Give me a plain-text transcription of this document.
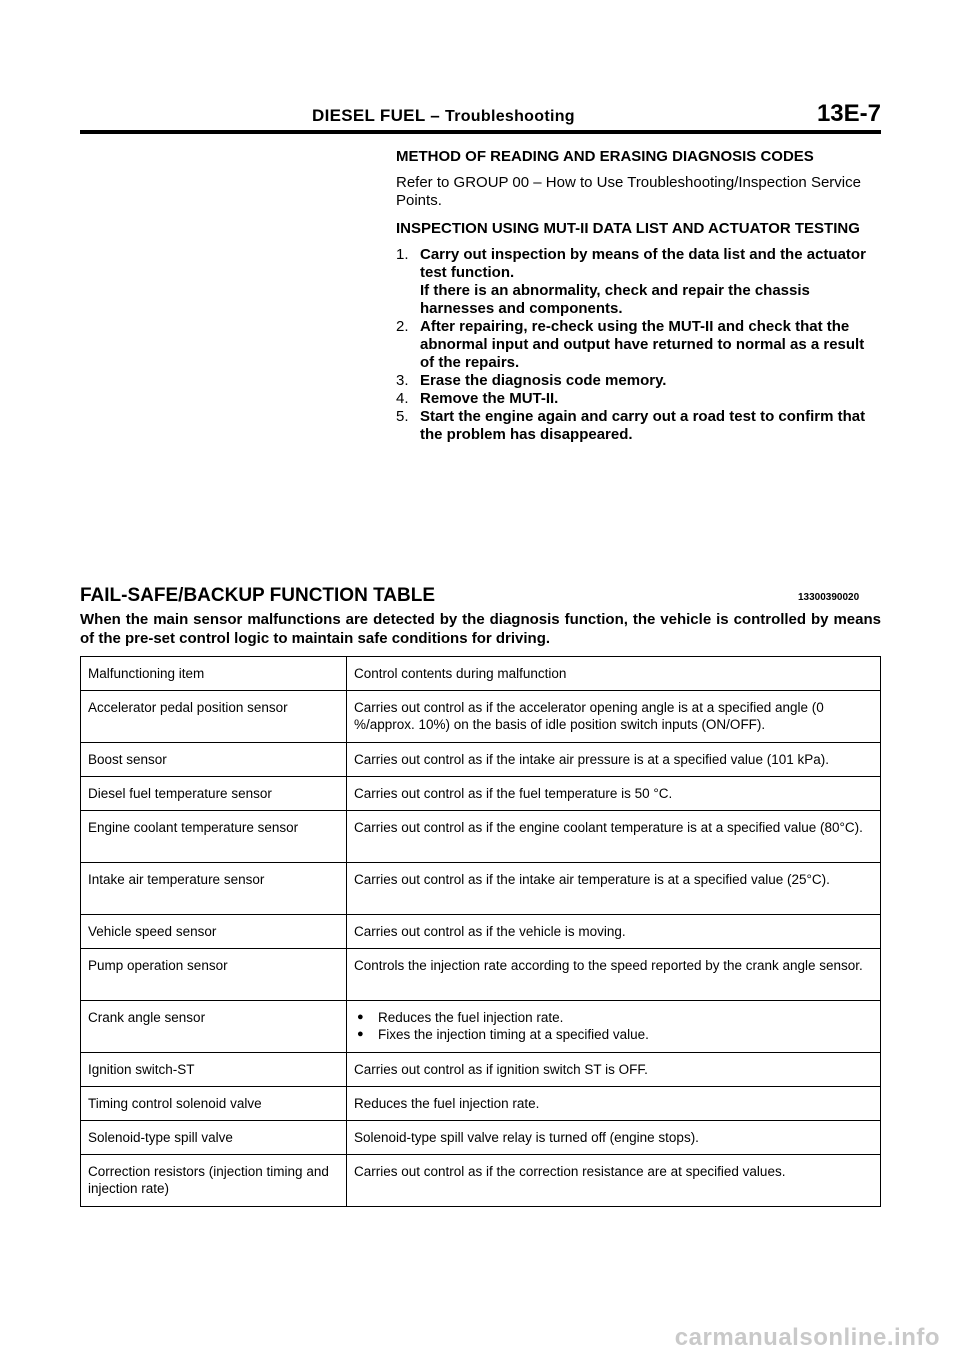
DIESEL FUEL – Troubleshooting	13E-7
METHOD OF READING AND ERASING DIAGNOSIS CODES

Refer to GROUP 00 – How to Use Troubleshooting/Inspection Service Points.

INSPECTION USING MUT-II DATA LIST AND ACTUATOR TESTING
1. Carry out inspection by means of the data list and the actuator test function.
If there is an abnormality, check and repair the chassis harnesses and components.
2. After repairing, re-check using the MUT-II and check that the abnormal input and output have returned to normal as a result of the repairs.
3. Erase the diagnosis code memory.
4. Remove the MUT-II.
5. Start the engine again and carry out a road test to confirm that the problem has disappeared.
FAIL-SAFE/BACKUP FUNCTION TABLE	13300390020
When the main sensor malfunctions are detected by the diagnosis function, the vehicle is controlled by means of the pre-set control logic to maintain safe conditions for driving.
Malfunctioning item	Control contents during malfunction
Accelerator pedal position sensor	Carries out control as if the accelerator opening angle is at a specified angle (0 %/approx. 10%) on the basis of idle position switch inputs (ON/OFF).
Boost sensor	Carries out control as if the intake air pressure is at a specified value (101 kPa).
Diesel fuel temperature sensor	Carries out control as if the fuel temperature is 50 °C.
Engine coolant temperature sensor	Carries out control as if the engine coolant temperature is at a specified value (80°C).
Intake air temperature sensor	Carries out control as if the intake air temperature is at a specified value (25°C).
Vehicle speed sensor	Carries out control as if the vehicle is moving.
Pump operation sensor	Controls the injection rate according to the speed reported by the crank angle sensor.
Crank angle sensor	● Reduces the fuel injection rate.
● Fixes the injection timing at a specified value.

Ignition switch-ST	Carries out control as if ignition switch ST is OFF.
Timing control solenoid valve	Reduces the fuel injection rate.
Solenoid-type spill valve	Solenoid-type spill valve relay is turned off (engine stops).
Correction resistors (injection timing and injection rate)	Carries out control as if the correction resistance are at specified values.
carmanualsonline.info
